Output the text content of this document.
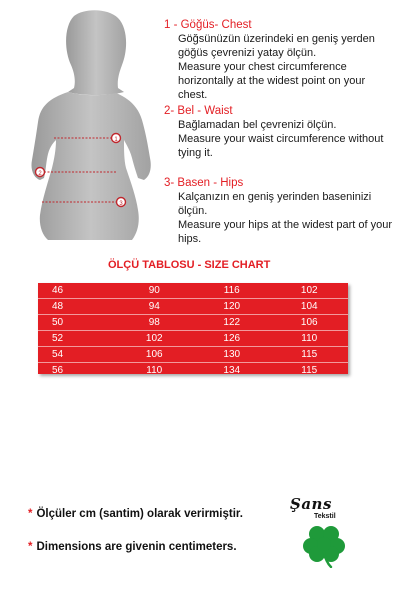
1
2
3
1 - Göğüs- Chest
Göğsünüzün üzerindeki en geniş yerden göğüs çevrenizi yatay ölçün.
Measure your chest circumference horizontally at the widest point on your chest.
2- Bel - Waist
Bağlamadan bel çevrenizi ölçün.
Measure your waist circumference without tying it.
3- Basen - Hips
Kalçanızın en geniş yerinden baseninizi ölçün.
Measure your hips at the widest part of your hips.
ÖLÇÜ TABLOSU - SIZE CHART
46	90	116	102
48	94	120	104
50	98	122	106
52	102	126	110
54	106	130	115
56	110	134	115
* Ölçüler cm (santim) olarak verirmiştir.
* Dimensions are givenin centimeters.
Şans
Tekstil
